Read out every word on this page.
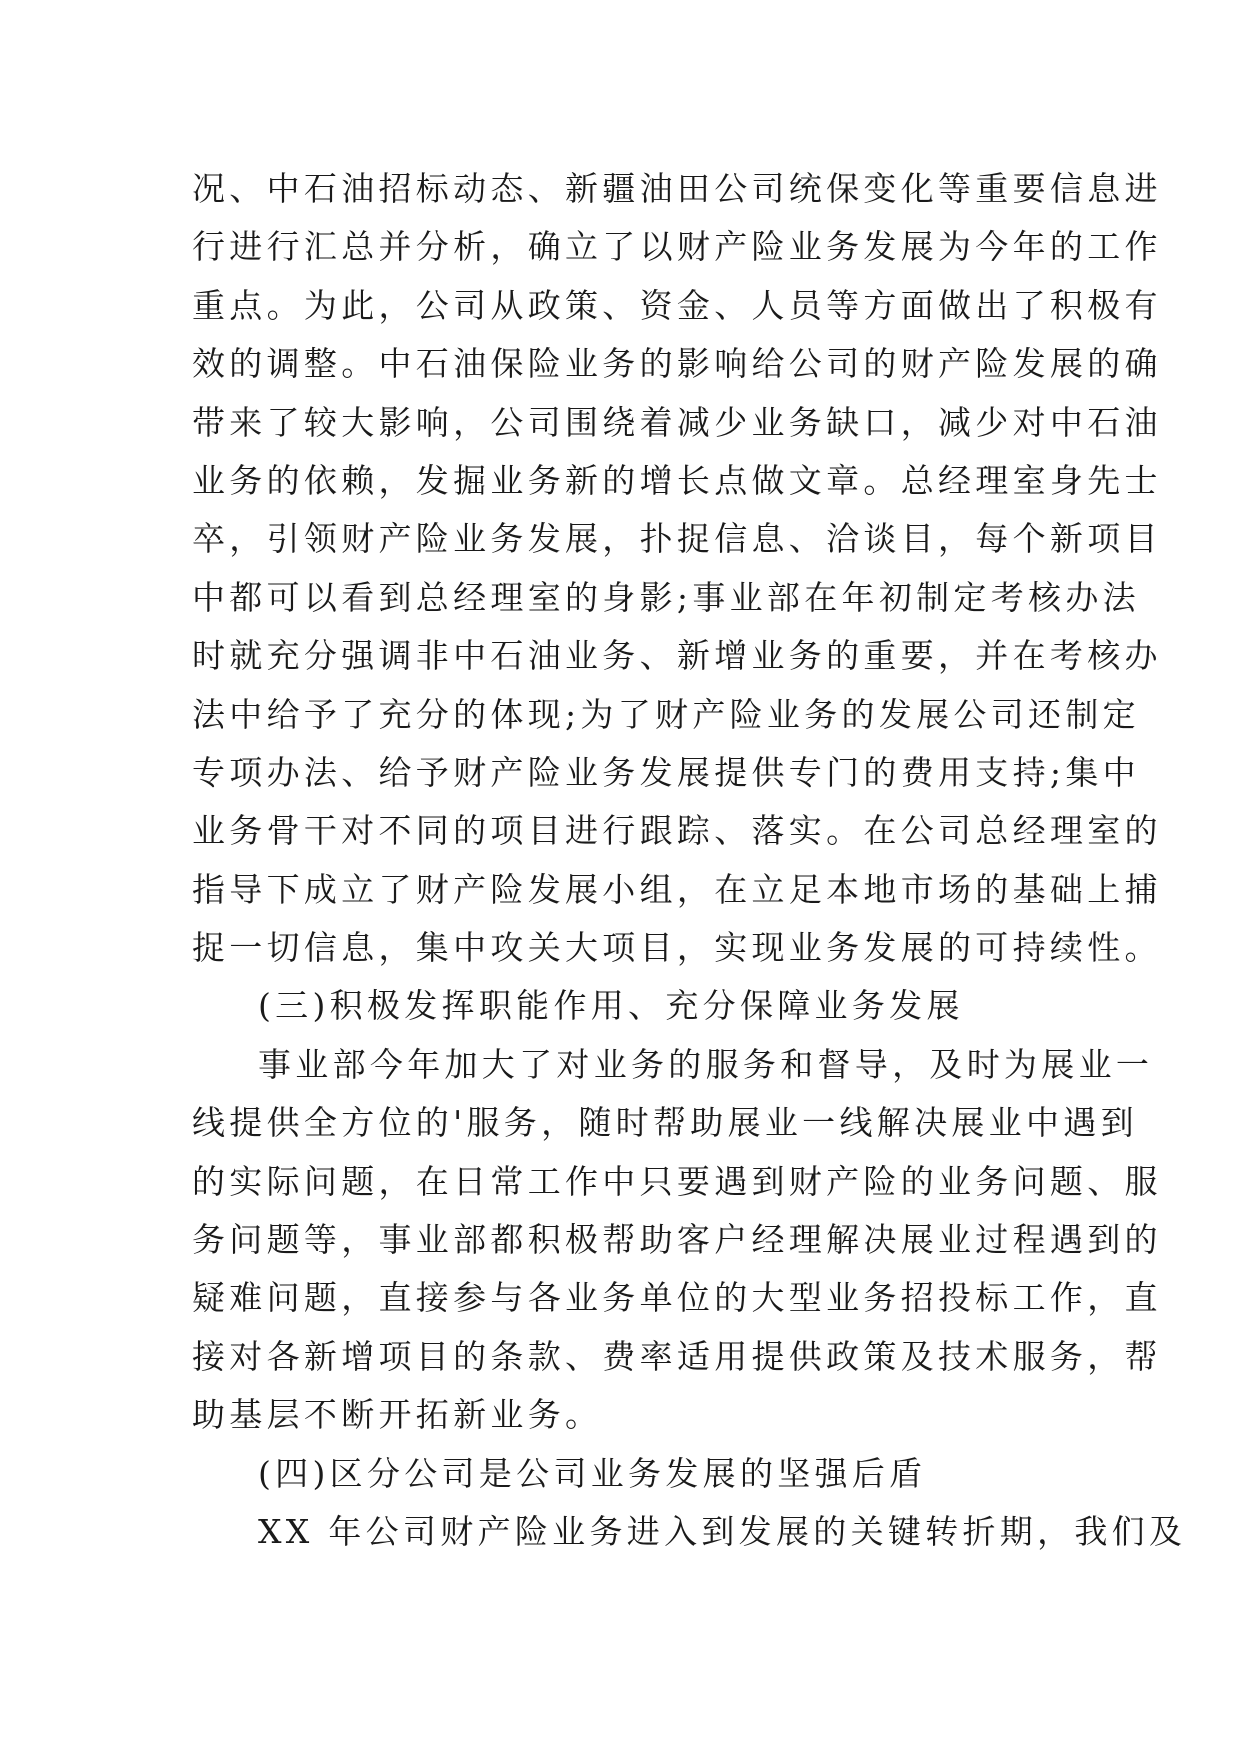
况、中石油招标动态、新疆油田公司统保变化等重要信息进
行进行汇总并分析，确立了以财产险业务发展为今年的工作
重点。为此，公司从政策、资金、人员等方面做出了积极有
效的调整。中石油保险业务的影响给公司的财产险发展的确
带来了较大影响，公司围绕着减少业务缺口，减少对中石油
业务的依赖，发掘业务新的增长点做文章。总经理室身先士
卒，引领财产险业务发展，扑捉信息、洽谈目，每个新项目
中都可以看到总经理室的身影;事业部在年初制定考核办法
时就充分强调非中石油业务、新增业务的重要，并在考核办
法中给予了充分的体现;为了财产险业务的发展公司还制定
专项办法、给予财产险业务发展提供专门的费用支持;集中
业务骨干对不同的项目进行跟踪、落实。在公司总经理室的
指导下成立了财产险发展小组，在立足本地市场的基础上捕
捉一切信息，集中攻关大项目，实现业务发展的可持续性。
(三)积极发挥职能作用、充分保障业务发展
事业部今年加大了对业务的服务和督导，及时为展业一
线提供全方位的'服务，随时帮助展业一线解决展业中遇到
的实际问题，在日常工作中只要遇到财产险的业务问题、服
务问题等，事业部都积极帮助客户经理解决展业过程遇到的
疑难问题，直接参与各业务单位的大型业务招投标工作，直
接对各新增项目的条款、费率适用提供政策及技术服务，帮
助基层不断开拓新业务。
(四)区分公司是公司业务发展的坚强后盾
XX 年公司财产险业务进入到发展的关键转折期，我们及
